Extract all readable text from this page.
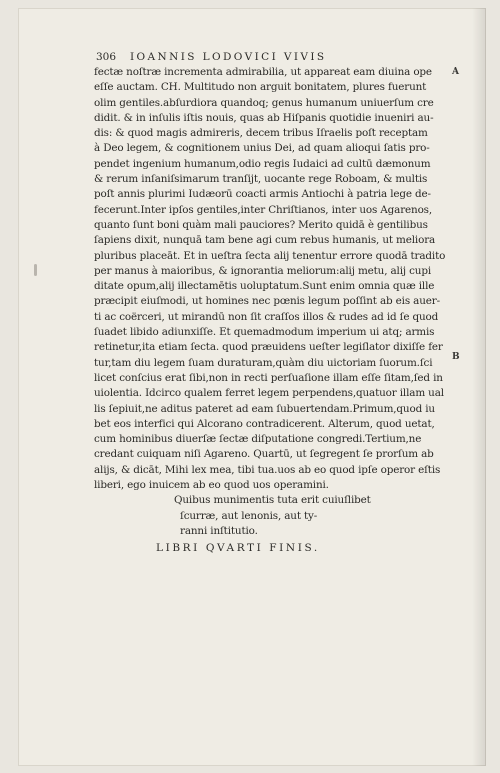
306 IOANNIS LODOVICI VIVIS
A
B
fectæ noſtræ incrementa admirabilia, ut appareat eam diuina ope
eſſe auctam. CH. Multitudo non arguit bonitatem, plures fuerunt
olim gentiles.abſurdiora quandoq; genus humanum uniuerſum cre
didit. & in inſulis iſtis nouis, quas ab Hiſpanis quotidie inueniri au-
dis: & quod magis admireris, decem tribus Iſraelis poſt receptam
à Deo legem, & cognitionem unius Dei, ad quam alioqui ſatis pro-
pendet ingenium humanum,odio regis Iudaici ad cultū dæmonum
& rerum inſaniſsimarum tranſijt, uocante rege Roboam, & multis
poſt annis plurimi Iudæorū coacti armis Antiochi à patria lege de-
fecerunt.Inter ipſos gentiles,inter Chriſtianos, inter uos Agarenos,
quanto ſunt boni quàm mali pauciores? Merito quidā è gentilibus
ſapiens dixit, nunquā tam bene agi cum rebus humanis, ut meliora
pluribus placeāt. Et in ueſtra ſecta alij tenentur errore quodā tradito
per manus à maioribus, & ignorantia meliorum:alij metu, alij cupi
ditate opum,alij illectamētis uoluptatum.Sunt enim omnia quæ ille
præcipit eiuſmodi, ut homines nec pœnis legum poſſint ab eis auer-
ti ac coërceri, ut mirandū non ſit craſſos illos & rudes ad id ſe quod
ſuadet libido adiunxiſſe. Et quemadmodum imperium ui atq; armis
retinetur,ita etiam ſecta. quod præuidens ueſter legiſlator dixiſſe fer
tur,tam diu legem ſuam duraturam,quàm diu uictoriam ſuorum.ſci
licet conſcius erat ſibi,non in recti perſuaſione illam eſſe ſitam,ſed in
uiolentia. Idcirco qualem ferret legem perpendens,quatuor illam ual
lis ſepiuit,ne aditus pateret ad eam ſubuertendam.Primum,quod iu
bet eos interfici qui Alcorano contradicerent. Alterum, quod uetat,
cum hominibus diuerſæ ſectæ diſputatione congredi.Tertium,ne
credant cuiquam niſi Agareno. Quartū, ut ſegregent ſe prorſum ab
alijs, & dicāt, Mihi lex mea, tibi tua.uos ab eo quod ipſe operor eſtis
liberi, ego inuicem ab eo quod uos operamini.
Quibus munimentis tuta erit cuiuſlibet
ſcurræ, aut lenonis, aut ty-
ranni inſtitutio.
LIBRI QVARTI FINIS.
